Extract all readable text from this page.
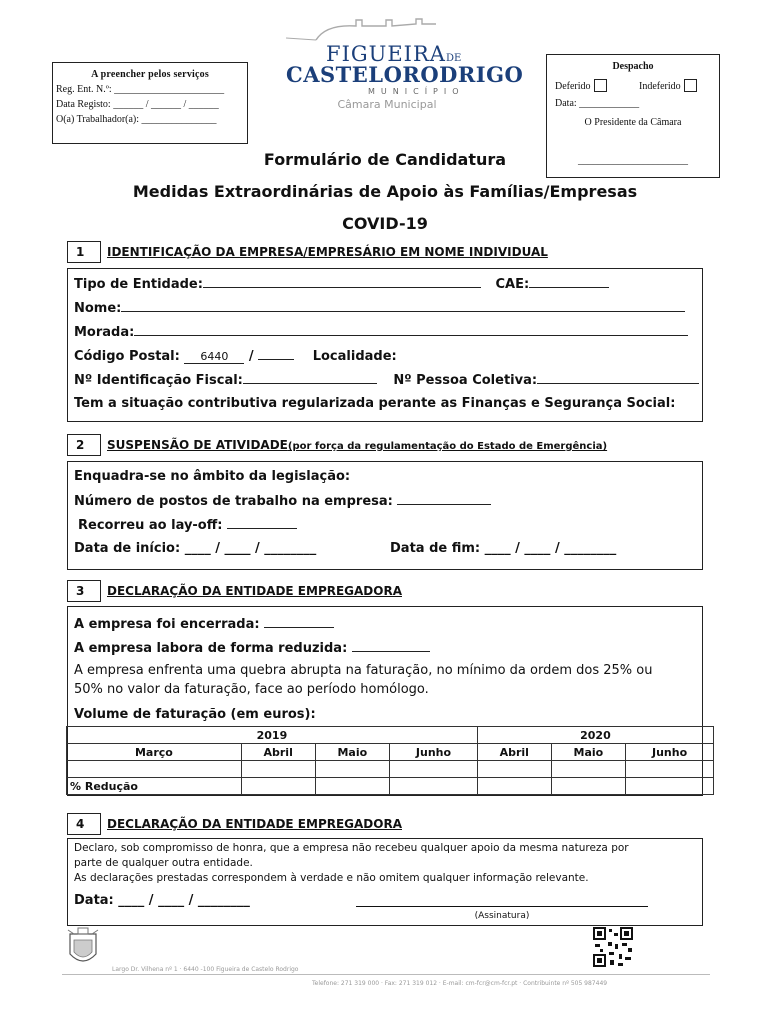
A preencher pelos serviços
Reg. Ent. N.º: ______________________
Data Registo: ______ / ______ / ______
O(a) Trabalhador(a): _______________
FIGUEIRADE
CASTELORODRIGO
MUNICÍPIO
Câmara Municipal
Despacho
Deferido	Indeferido
Data: ____________
O Presidente da Câmara
______________________
Formulário de Candidatura
Medidas Extraordinárias de Apoio às Famílias/Empresas
COVID-19
1	IDENTIFICAÇÃO DA EMPRESA/EMPRESÁRIO EM NOME INDIVIDUAL
Tipo de Entidade:	CAE:
Nome:
Morada:
Código Postal: 6440 /	Localidade:
Nº Identificação Fiscal:	Nº Pessoa Coletiva:
Tem a situação contributiva regularizada perante as Finanças e Segurança Social:
2	SUSPENSÃO DE ATIVIDADE(por força da regulamentação do Estado de Emergência)
Enquadra-se no âmbito da legislação:
Número de postos de trabalho na empresa:
Recorreu ao lay-off:
Data de início: ____ / ____ / ________	Data de fim: ____ / ____ / ________
3	DECLARAÇÃO DA ENTIDADE EMPREGADORA
A empresa foi encerrada:
A empresa labora de forma reduzida:
A empresa enfrenta uma quebra abrupta na faturação, no mínimo da ordem dos 25% ou
50% no valor da faturação, face ao período homólogo.
Volume de faturação (em euros):
2019				2020		
Março	Abril	Maio	Junho	Abril	Maio	Junho

% Redução						
4	DECLARAÇÃO DA ENTIDADE EMPREGADORA
Declaro, sob compromisso de honra, que a empresa não recebeu qualquer apoio da mesma natureza por
parte de qualquer outra entidade.
As declarações prestadas correspondem à verdade e não omitem qualquer informação relevante.
Data: ____ / ____ / ________
(Assinatura)
Largo Dr. Vilhena nº 1 · 6440 -100 Figueira de Castelo Rodrigo
Telefone: 271 319 000 · Fax: 271 319 012 · E-mail: cm-fcr@cm-fcr.pt · Contribuinte nº 505 987449
